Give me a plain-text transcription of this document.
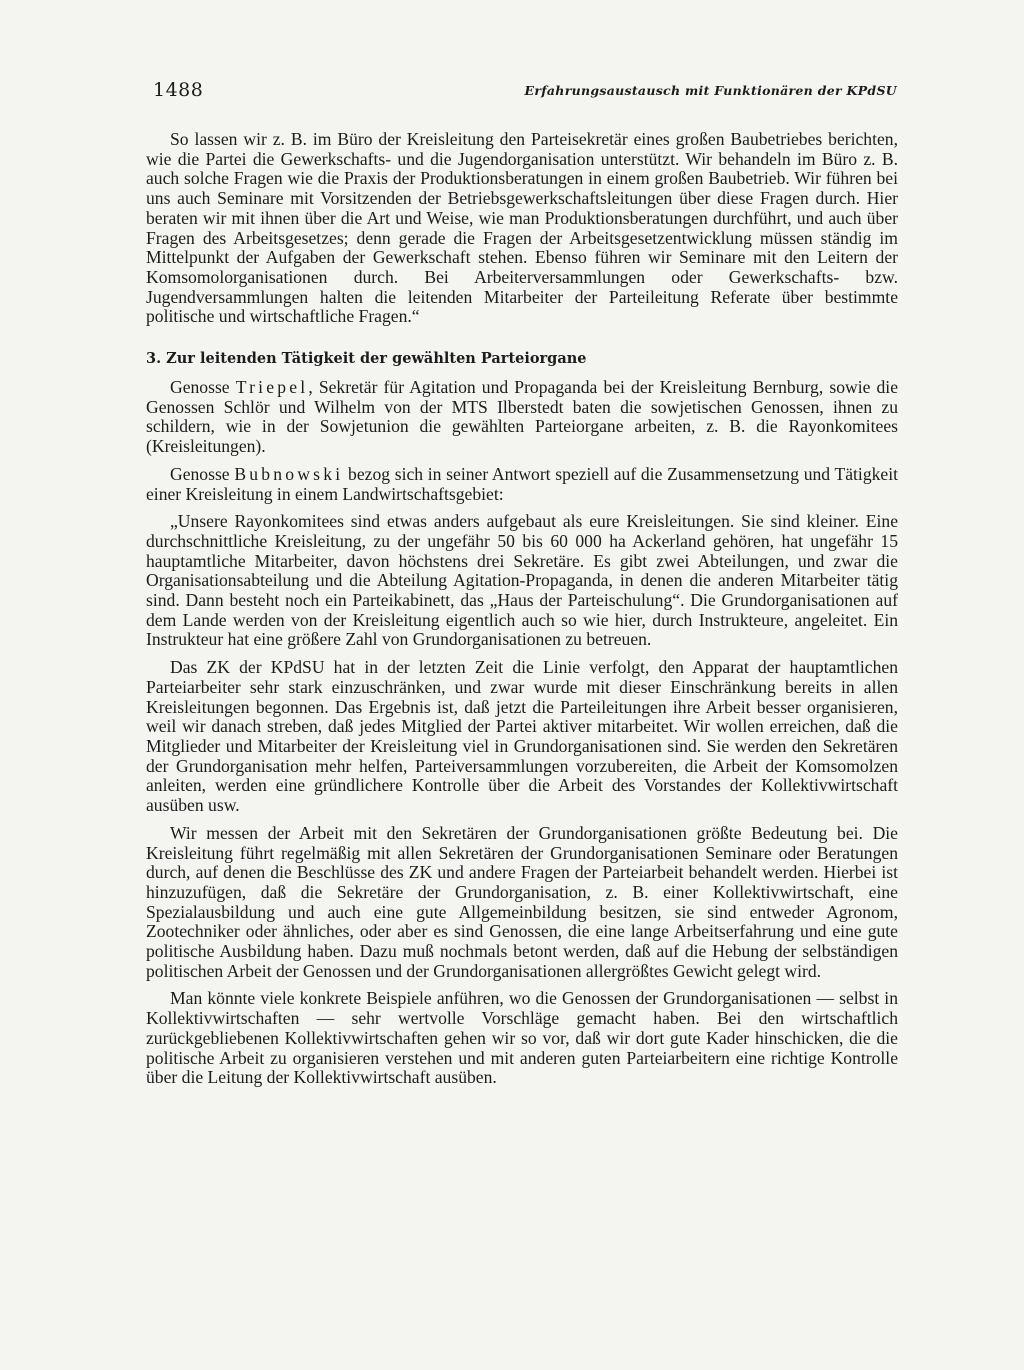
1488	Erfahrungsaustausch mit Funktionären der KPdSU

So lassen wir z. B. im Büro der Kreisleitung den Parteisekretär eines großen Baubetriebes berichten, wie die Partei die Gewerkschafts- und die Jugendorganisation unterstützt. Wir behandeln im Büro z. B. auch solche Fragen wie die Praxis der Produktionsberatungen in einem großen Baubetrieb. Wir führen bei uns auch Seminare mit Vorsitzenden der Betriebsgewerkschaftsleitungen über diese Fragen durch. Hier beraten wir mit ihnen über die Art und Weise, wie man Produktionsberatungen durchführt, und auch über Fragen des Arbeitsgesetzes; denn gerade die Fragen der Arbeitsgesetzentwicklung müssen ständig im Mittelpunkt der Aufgaben der Gewerkschaft stehen. Ebenso führen wir Seminare mit den Leitern der Komsomolorganisationen durch. Bei Arbeiterversammlungen oder Gewerkschafts- bzw. Jugendversammlungen halten die leitenden Mitarbeiter der Parteileitung Referate über bestimmte politische und wirtschaftliche Fragen.“

3. Zur leitenden Tätigkeit der gewählten Parteiorgane

Genosse Triepel, Sekretär für Agitation und Propaganda bei der Kreisleitung Bernburg, sowie die Genossen Schlör und Wilhelm von der MTS Ilberstedt baten die sowjetischen Genossen, ihnen zu schildern, wie in der Sowjetunion die gewählten Parteiorgane arbeiten, z. B. die Rayonkomitees (Kreisleitungen).

Genosse Bubnowski bezog sich in seiner Antwort speziell auf die Zusammensetzung und Tätigkeit einer Kreisleitung in einem Landwirtschaftsgebiet:

„Unsere Rayonkomitees sind etwas anders aufgebaut als eure Kreisleitungen. Sie sind kleiner. Eine durchschnittliche Kreisleitung, zu der ungefähr 50 bis 60 000 ha Ackerland gehören, hat ungefähr 15 hauptamtliche Mitarbeiter, davon höchstens drei Sekretäre. Es gibt zwei Abteilungen, und zwar die Organisationsabteilung und die Abteilung Agitation-Propaganda, in denen die anderen Mitarbeiter tätig sind. Dann besteht noch ein Parteikabinett, das „Haus der Parteischulung“. Die Grundorganisationen auf dem Lande werden von der Kreisleitung eigentlich auch so wie hier, durch Instrukteure, angeleitet. Ein Instrukteur hat eine größere Zahl von Grundorganisationen zu betreuen.

Das ZK der KPdSU hat in der letzten Zeit die Linie verfolgt, den Apparat der hauptamtlichen Parteiarbeiter sehr stark einzuschränken, und zwar wurde mit dieser Einschränkung bereits in allen Kreisleitungen begonnen. Das Ergebnis ist, daß jetzt die Parteileitungen ihre Arbeit besser organisieren, weil wir danach streben, daß jedes Mitglied der Partei aktiver mitarbeitet. Wir wollen erreichen, daß die Mitglieder und Mitarbeiter der Kreisleitung viel in Grundorganisationen sind. Sie werden den Sekretären der Grundorganisation mehr helfen, Parteiversammlungen vorzubereiten, die Arbeit der Komsomolzen anleiten, werden eine gründlichere Kontrolle über die Arbeit des Vorstandes der Kollektivwirtschaft ausüben usw.

Wir messen der Arbeit mit den Sekretären der Grundorganisationen größte Bedeutung bei. Die Kreisleitung führt regelmäßig mit allen Sekretären der Grundorganisationen Seminare oder Beratungen durch, auf denen die Beschlüsse des ZK und andere Fragen der Parteiarbeit behandelt werden. Hierbei ist hinzuzufügen, daß die Sekretäre der Grundorganisation, z. B. einer Kollektivwirtschaft, eine Spezialausbildung und auch eine gute Allgemeinbildung besitzen, sie sind entweder Agronom, Zootechniker oder ähnliches, oder aber es sind Genossen, die eine lange Arbeitserfahrung und eine gute politische Ausbildung haben. Dazu muß nochmals betont werden, daß auf die Hebung der selbständigen politischen Arbeit der Genossen und der Grundorganisationen allergrößtes Gewicht gelegt wird.

Man könnte viele konkrete Beispiele anführen, wo die Genossen der Grundorganisationen — selbst in Kollektivwirtschaften — sehr wertvolle Vorschläge gemacht haben. Bei den wirtschaftlich zurückgebliebenen Kollektivwirtschaften gehen wir so vor, daß wir dort gute Kader hinschicken, die die politische Arbeit zu organisieren verstehen und mit anderen guten Parteiarbeitern eine richtige Kontrolle über die Leitung der Kollektivwirtschaft ausüben.
